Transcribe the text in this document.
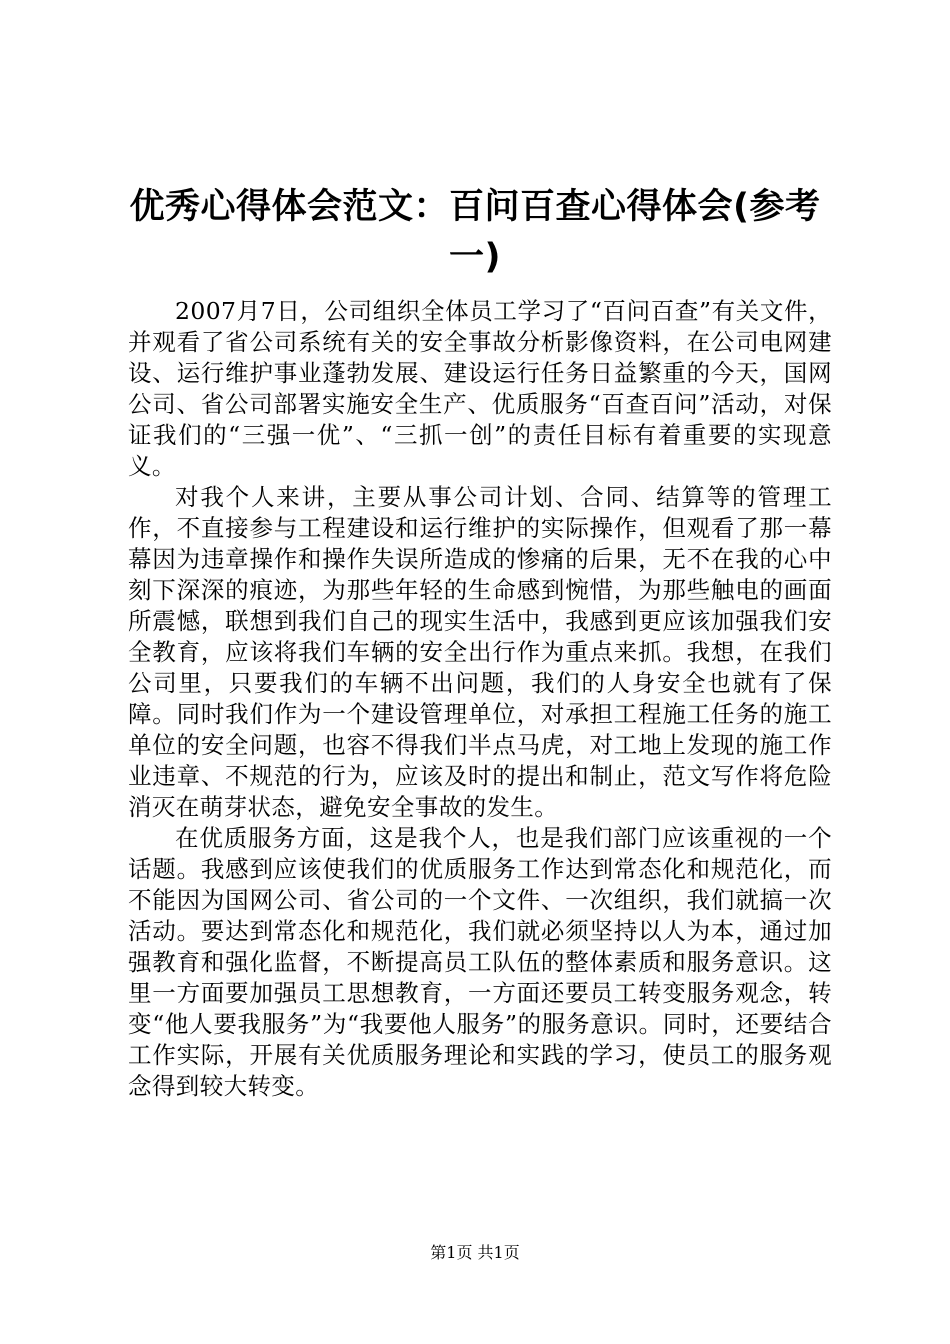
优秀心得体会范文：百问百查心得体会(参考一)

2007月7日，公司组织全体员工学习了“百问百查”有关文件，并观看了省公司系统有关的安全事故分析影像资料，在公司电网建设、运行维护事业蓬勃发展、建设运行任务日益繁重的今天，国网公司、省公司部署实施安全生产、优质服务“百查百问”活动，对保证我们的“三强一优”、“三抓一创”的责任目标有着重要的实现意义。

对我个人来讲，主要从事公司计划、合同、结算等的管理工作，不直接参与工程建设和运行维护的实际操作，但观看了那一幕幕因为违章操作和操作失误所造成的惨痛的后果，无不在我的心中刻下深深的痕迹，为那些年轻的生命感到惋惜，为那些触电的画面所震憾，联想到我们自己的现实生活中，我感到更应该加强我们安全教育，应该将我们车辆的安全出行作为重点来抓。我想，在我们公司里，只要我们的车辆不出问题，我们的人身安全也就有了保障。同时我们作为一个建设管理单位，对承担工程施工任务的施工单位的安全问题，也容不得我们半点马虎，对工地上发现的施工作业违章、不规范的行为，应该及时的提出和制止，范文写作将危险消灭在萌芽状态，避免安全事故的发生。

在优质服务方面，这是我个人，也是我们部门应该重视的一个话题。我感到应该使我们的优质服务工作达到常态化和规范化，而不能因为国网公司、省公司的一个文件、一次组织，我们就搞一次活动。要达到常态化和规范化，我们就必须坚持以人为本，通过加强教育和强化监督，不断提高员工队伍的整体素质和服务意识。这里一方面要加强员工思想教育，一方面还要员工转变服务观念，转变“他人要我服务”为“我要他人服务”的服务意识。同时，还要结合工作实际，开展有关优质服务理论和实践的学习，使员工的服务观念得到较大转变。

第1页 共1页
